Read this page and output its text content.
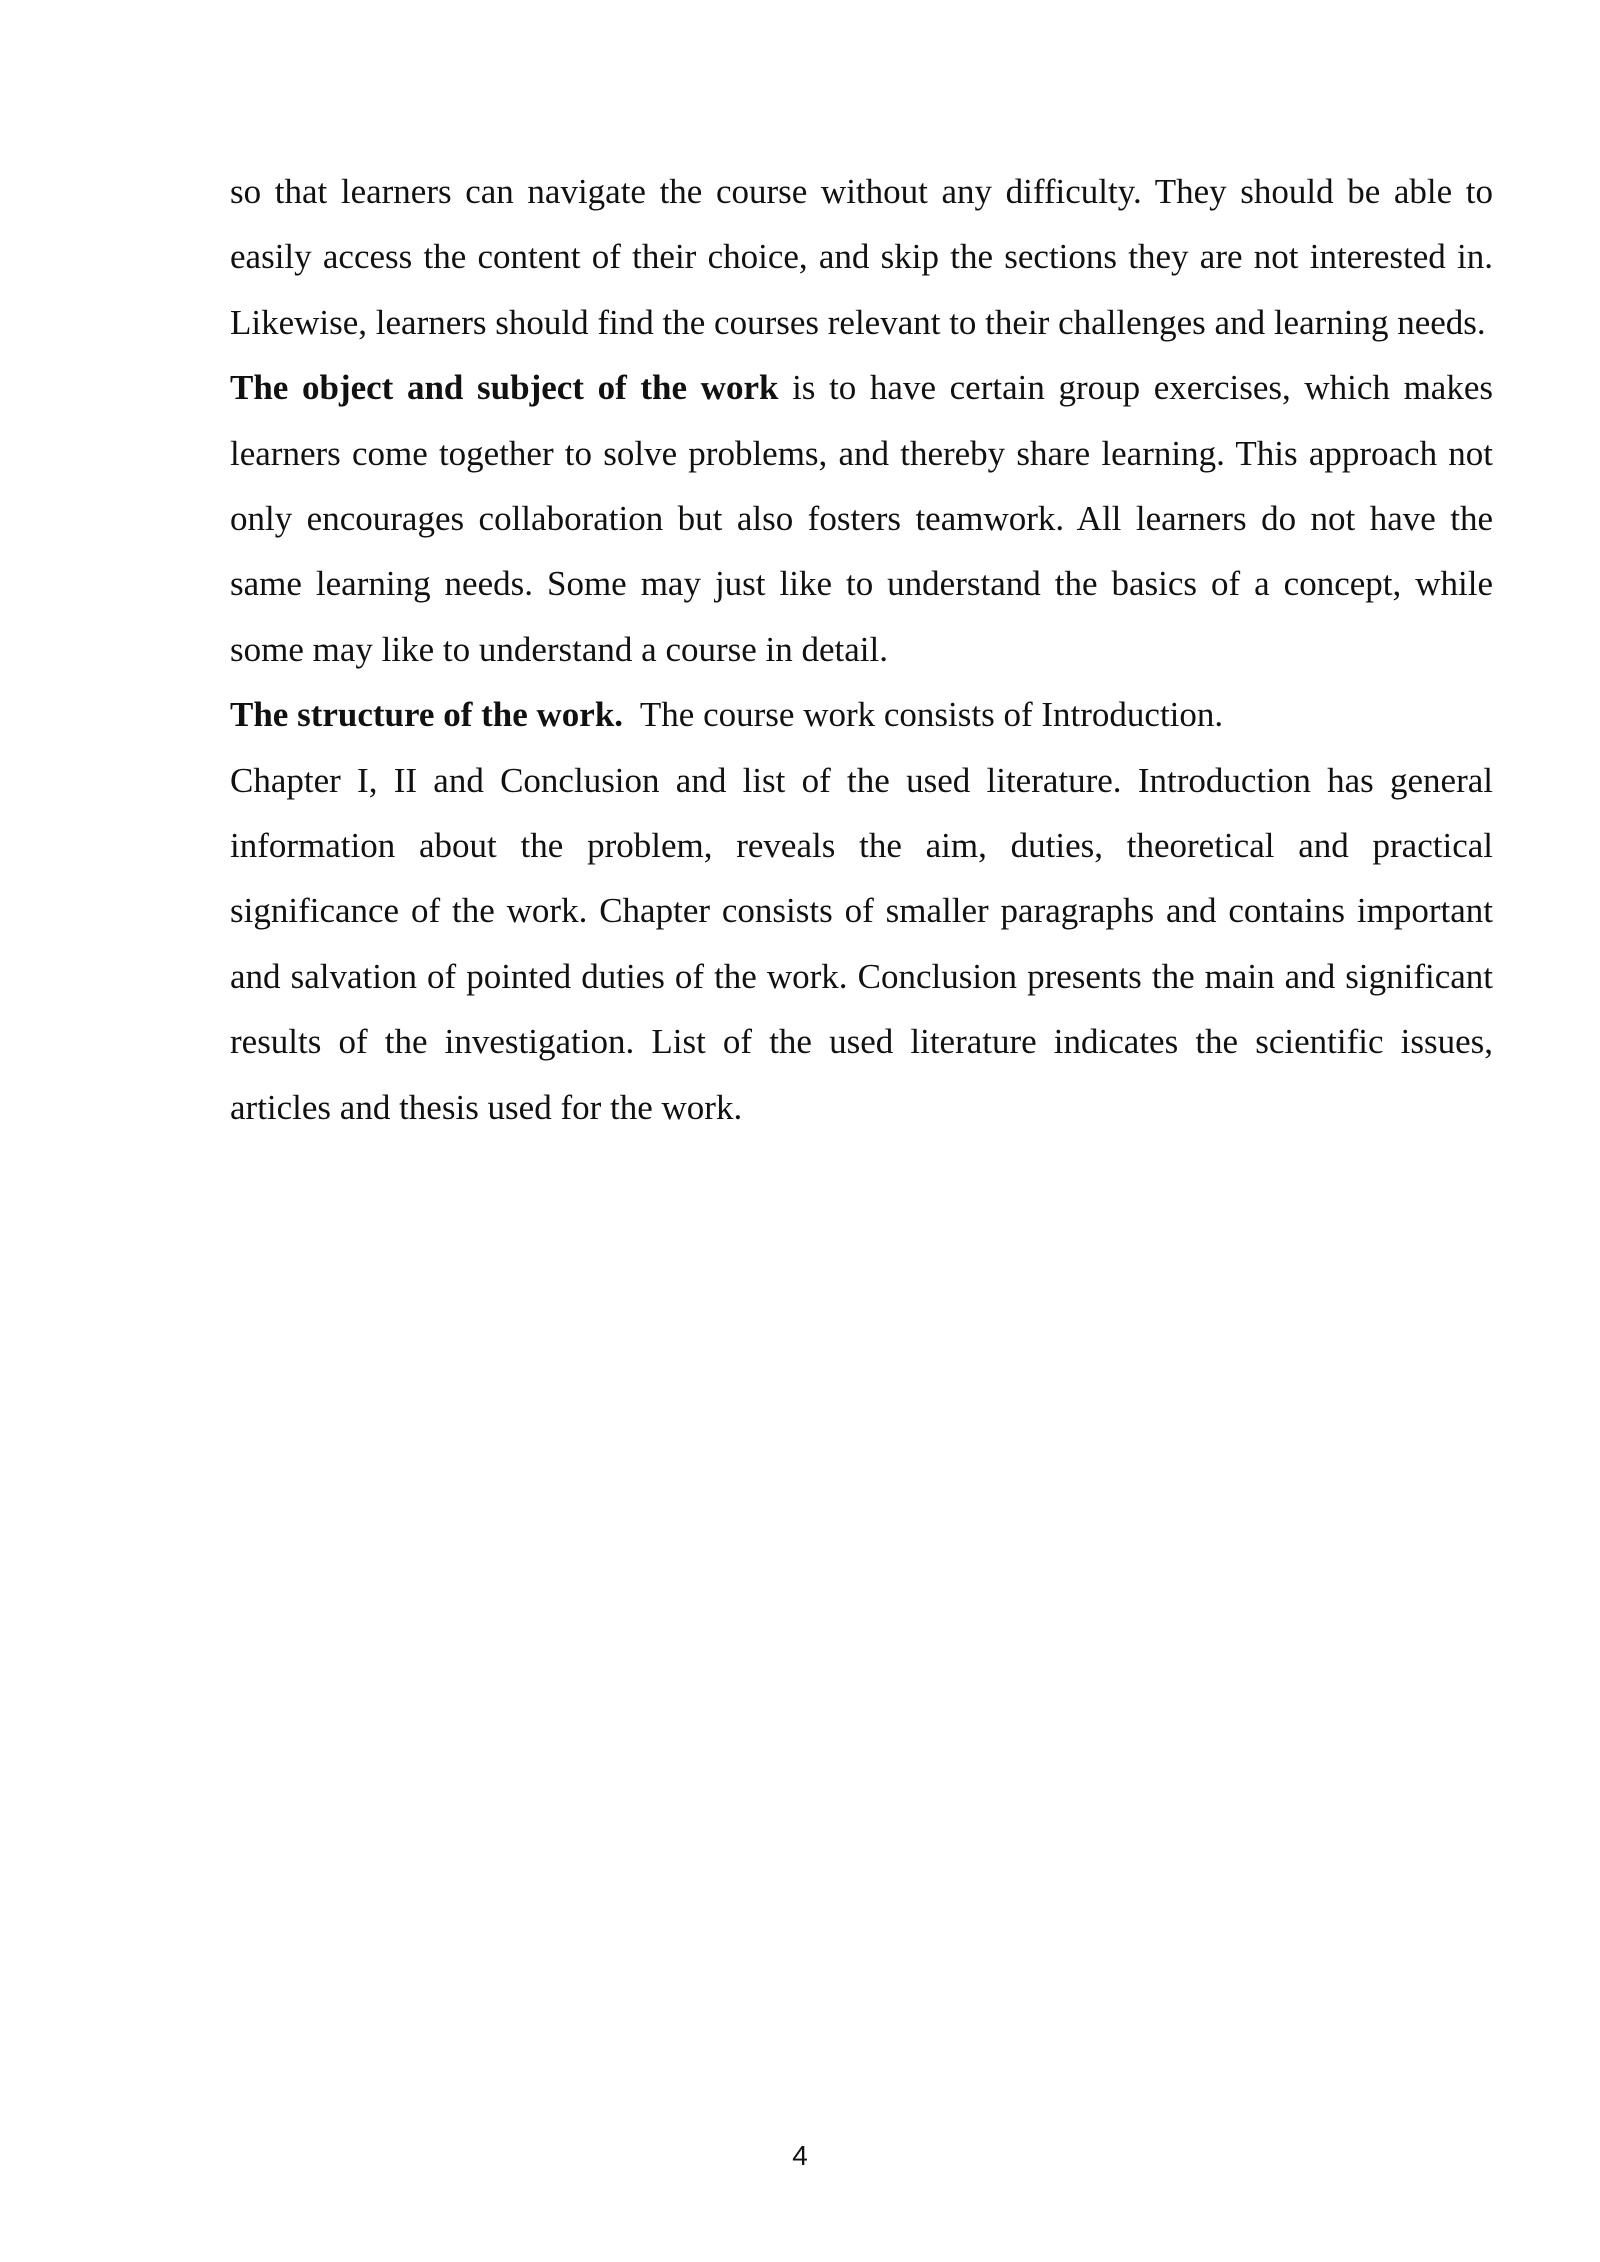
so that learners can navigate the course without any difficulty. They should be able to easily access the content of their choice, and skip the sections they are not interested in. Likewise, learners should find the courses relevant to their challenges and learning needs.

The object and subject of the work is to have certain group exercises, which makes learners come together to solve problems, and thereby share learning. This approach not only encourages collaboration but also fosters teamwork. All learners do not have the same learning needs. Some may just like to understand the basics of a concept, while some may like to understand a course in detail.

The structure of the work.  The course work consists of Introduction.

Chapter I, II and Conclusion and list of the used literature. Introduction has general information about the problem, reveals the aim, duties, theoretical and practical significance of the work. Chapter consists of smaller paragraphs and contains important and salvation of pointed duties of the work. Conclusion presents the main and significant results of the investigation. List of the used literature indicates the scientific issues, articles and thesis used for the work.

4
